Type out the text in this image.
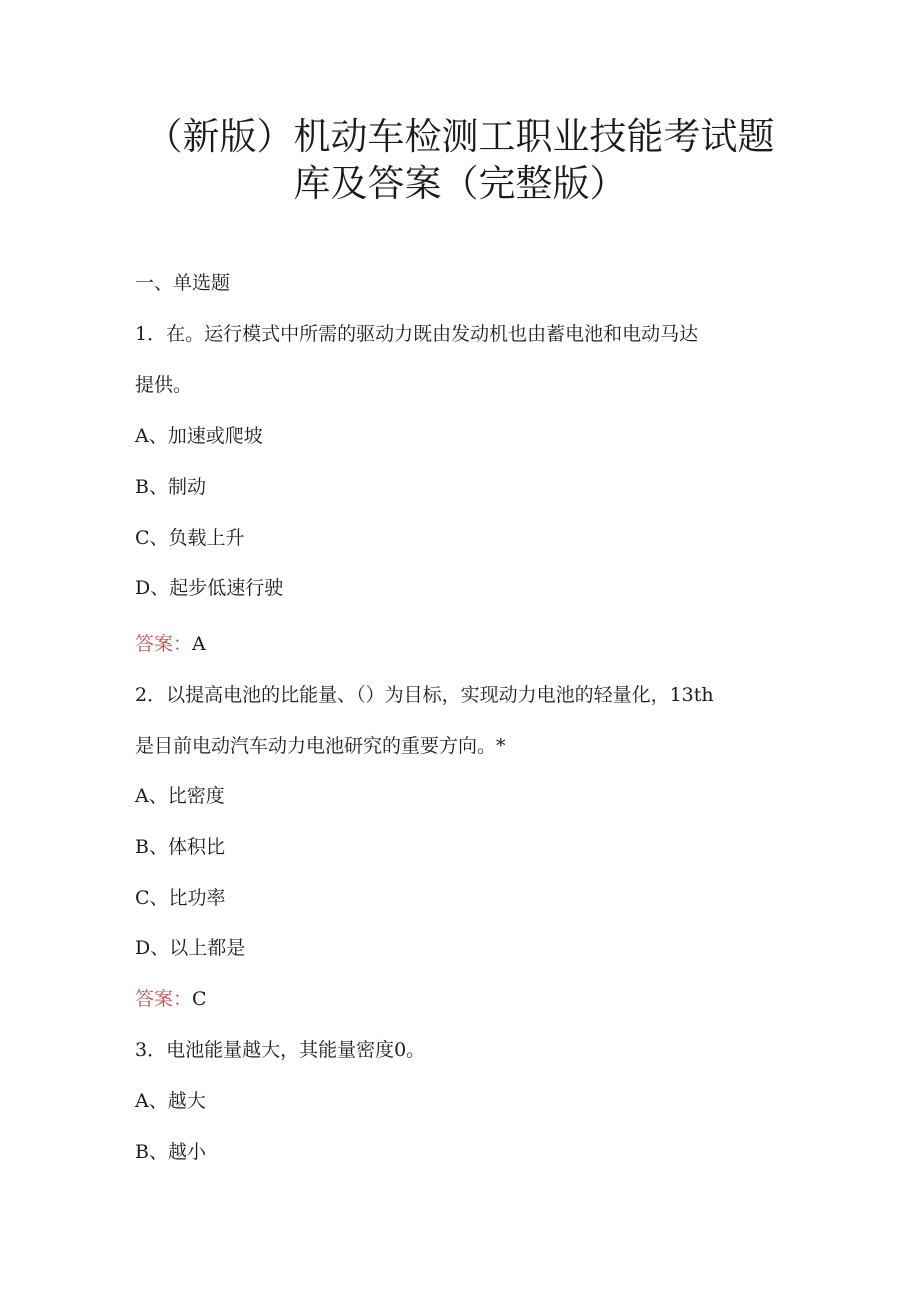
（新版）机动车检测工职业技能考试题
库及答案（完整版）
一、单选题
1．在。运行模式中所需的驱动力既由发动机也由蓄电池和电动马达
提供。
A、加速或爬坡
B、制动
C、负载上升
D、起步低速行驶
答案：A
2．以提高电池的比能量、（）为目标，实现动力电池的轻量化，13th
是目前电动汽车动力电池研究的重要方向。*
A、比密度
B、体积比
C、比功率
D、以上都是
答案：C
3．电池能量越大，其能量密度0。
A、越大
B、越小
